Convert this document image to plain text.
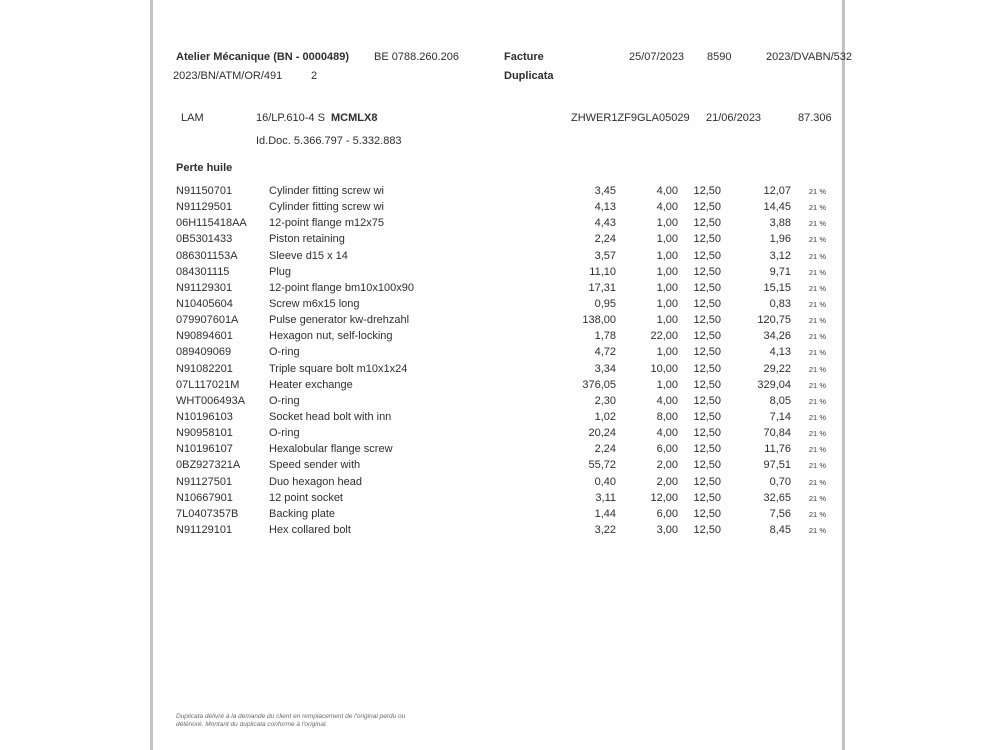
Atelier Mécanique (BN - 0000489) BE 0788.260.206	Facture	25/07/2023 8590	2023/DVABN/532
2023/BN/ATM/OR/491	2	Duplicata
LAM	16/LP.610-4 S MCMLX8	ZHWER1ZF9GLA05029 21/06/2023	87.306
Id.Doc. 5.366.797 - 5.332.883
Perte huile
N91150701	Cylinder fitting screw wi	3,45	4,00	12,50	12,07	21 %
N91129501	Cylinder fitting screw wi	4,13	4,00	12,50	14,45	21 %
06H115418AA	12-point flange m12x75	4,43	1,00	12,50	3,88	21 %
0B5301433	Piston retaining	2,24	1,00	12,50	1,96	21 %
086301153A	Sleeve d15 x 14	3,57	1,00	12,50	3,12	21 %
084301115	Plug	11,10	1,00	12,50	9,71	21 %
N91129301	12-point flange bm10x100x90	17,31	1,00	12,50	15,15	21 %
N10405604	Screw m6x15 long	0,95	1,00	12,50	0,83	21 %
079907601A	Pulse generator kw-drehzahl	138,00	1,00	12,50	120,75	21 %
N90894601	Hexagon nut, self-locking	1,78	22,00	12,50	34,26	21 %
089409069	O-ring	4,72	1,00	12,50	4,13	21 %
N91082201	Triple square bolt m10x1x24	3,34	10,00	12,50	29,22	21 %
07L117021M	Heater exchange	376,05	1,00	12,50	329,04	21 %
WHT006493A	O-ring	2,30	4,00	12,50	8,05	21 %
N10196103	Socket head bolt with inn	1,02	8,00	12,50	7,14	21 %
N90958101	O-ring	20,24	4,00	12,50	70,84	21 %
N10196107	Hexalobular flange screw	2,24	6,00	12,50	11,76	21 %
0BZ927321A	Speed sender with	55,72	2,00	12,50	97,51	21 %
N91127501	Duo hexagon head	0,40	2,00	12,50	0,70	21 %
N10667901	12 point socket	3,11	12,00	12,50	32,65	21 %
7L0407357B	Backing plate	1,44	6,00	12,50	7,56	21 %
N91129101	Hex collared bolt	3,22	3,00	12,50	8,45	21 %
Duplicata délivré à la demande du client en remplacement de l'original perdu ou
détérioré. Montant du duplicata conforme à l'original.
